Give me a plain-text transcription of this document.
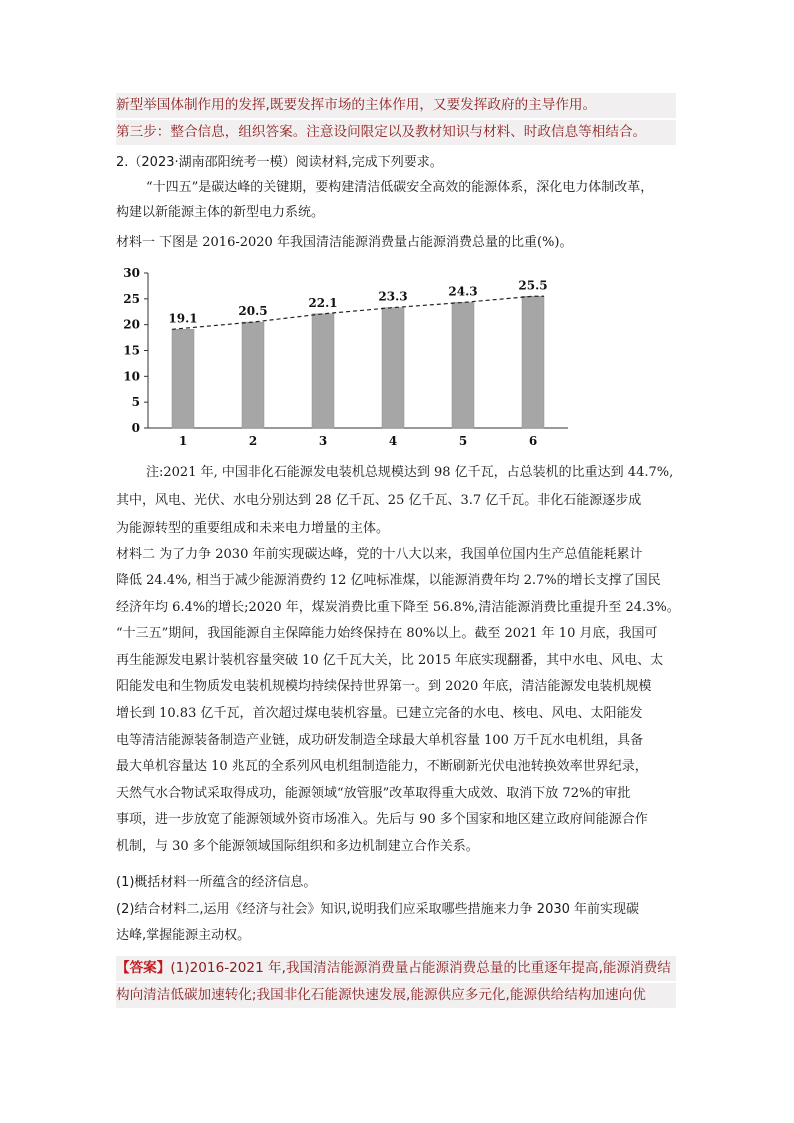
新型举国体制作用的发挥,既要发挥市场的主体作用，又要发挥政府的主导作用。
第三步：整合信息，组织答案。注意设问限定以及教材知识与材料、时政信息等相结合。
2.（2023·湖南邵阳统考一模）阅读材料,完成下列要求。
“十四五”是碳达峰的关键期，要构建清洁低碳安全高效的能源体系，深化电力体制改革，
构建以新能源主体的新型电力系统。
材料一 下图是 2016-2020 年我国清洁能源消费量占能源消费总量的比重(%)。
0
5
10
15
20
25
30
1	2	3	4	5	6
19.1
20.5
22.1	23.3	24.3	25.5
注:2021 年, 中国非化石能源发电装机总规模达到 98 亿千瓦，占总装机的比重达到 44.7%,
其中，风电、光伏、水电分别达到 28 亿千瓦、25 亿千瓦、3.7 亿千瓦。非化石能源逐步成
为能源转型的重要组成和未来电力增量的主体。
材料二 为了力争 2030 年前实现碳达峰，党的十八大以来，我国单位国内生产总值能耗累计
降低 24.4%, 相当于减少能源消费约 12 亿吨标准煤，以能源消费年均 2.7%的增长支撑了国民
经济年均 6.4%的增长;2020 年，煤炭消费比重下降至 56.8%,清洁能源消费比重提升至 24.3%。
“十三五”期间，我国能源自主保障能力始终保持在 80%以上。截至 2021 年 10 月底，我国可
再生能源发电累计装机容量突破 10 亿千瓦大关，比 2015 年底实现翻番，其中水电、风电、太
阳能发电和生物质发电装机规模均持续保持世界第一。到 2020 年底，清洁能源发电装机规模
增长到 10.83 亿千瓦，首次超过煤电装机容量。已建立完备的水电、核电、风电、太阳能发
电等清洁能源装备制造产业链，成功研发制造全球最大单机容量 100 万千瓦水电机组，具备
最大单机容量达 10 兆瓦的全系列风电机组制造能力，不断刷新光伏电池转换效率世界纪录，
天然气水合物试采取得成功，能源领域“放管服”改革取得重大成效、取消下放 72%的审批
事项，进一步放宽了能源领域外资市场准入。先后与 90 多个国家和地区建立政府间能源合作
机制，与 30 多个能源领域国际组织和多边机制建立合作关系。
(1)概括材料一所蕴含的经济信息。
(2)结合材料二,运用《经济与社会》知识,说明我们应采取哪些措施来力争 2030 年前实现碳
达峰,掌握能源主动权。
【答案】(1)2016-2021 年,我国清洁能源消费量占能源消费总量的比重逐年提高,能源消费结
构向清洁低碳加速转化;我国非化石能源快速发展,能源供应多元化,能源供给结构加速向优
